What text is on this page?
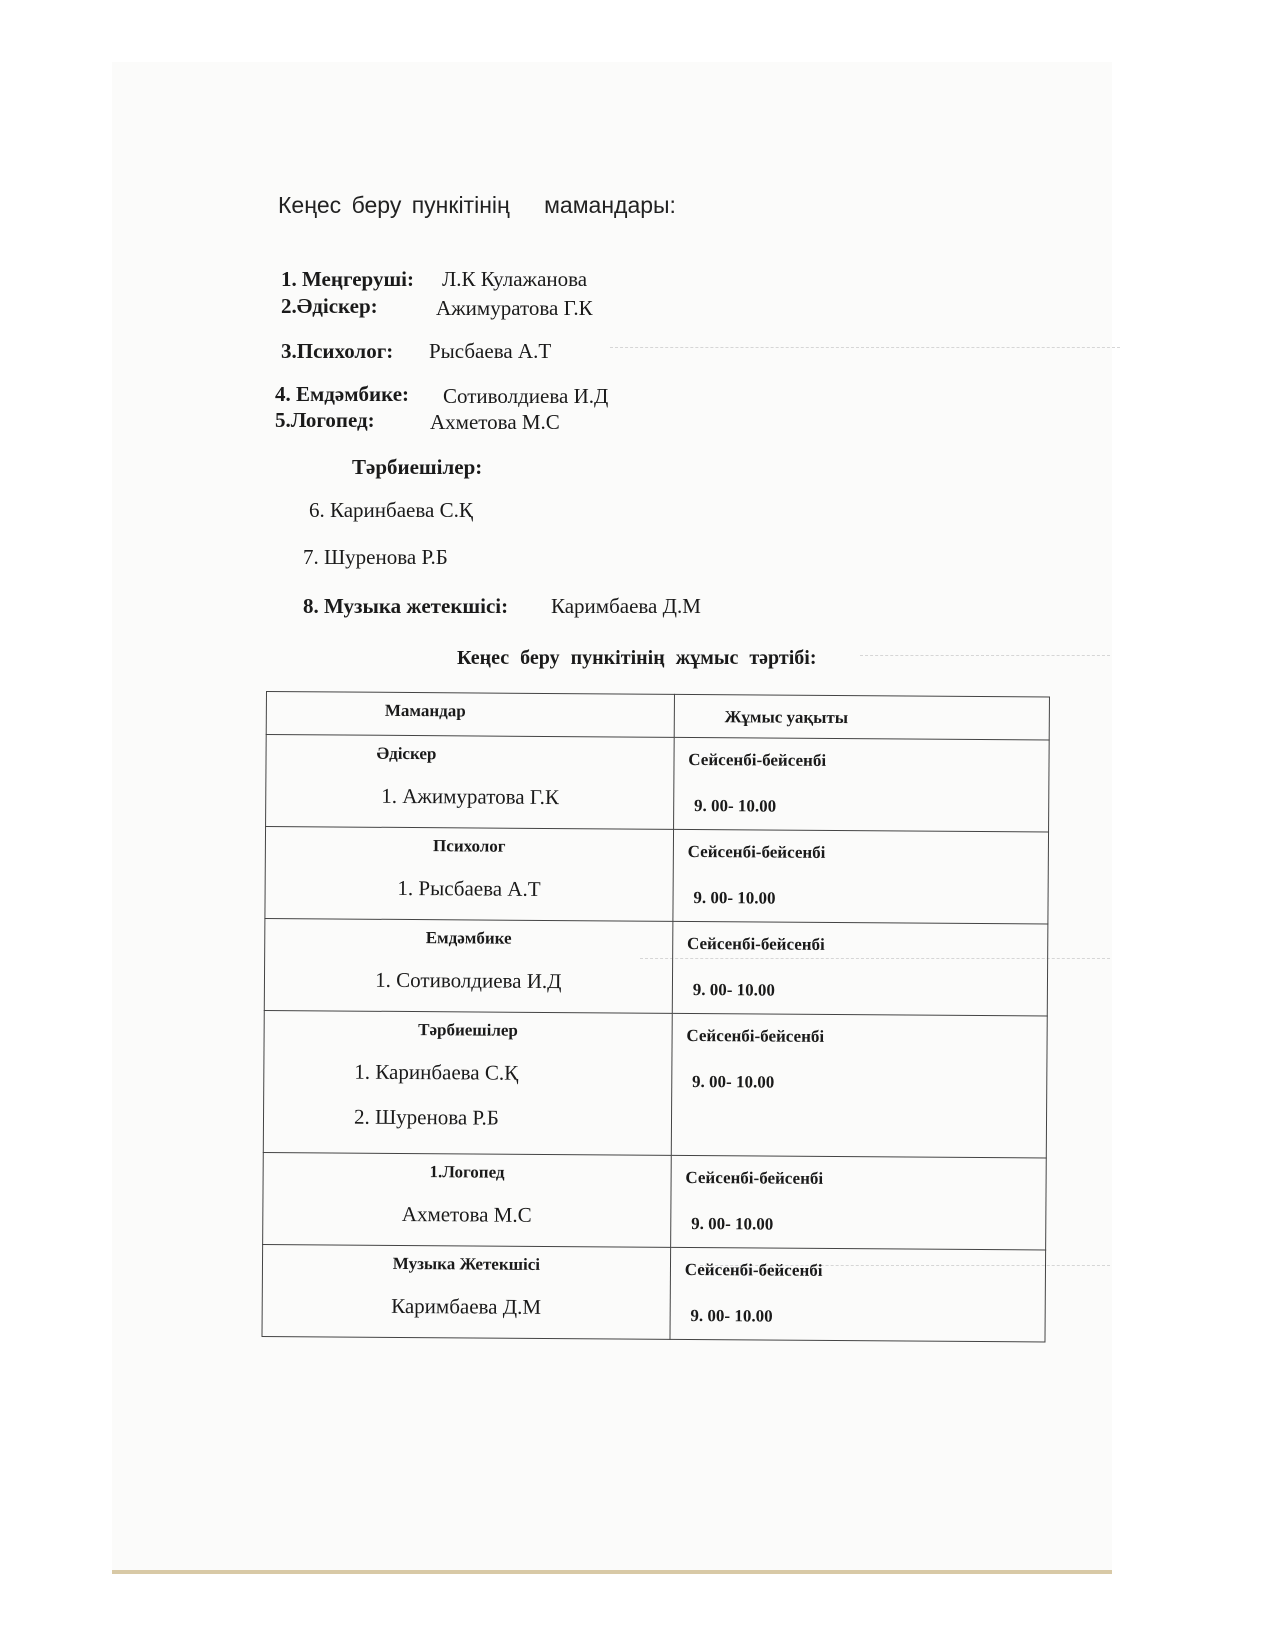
Кеңес беру пункітінің мамандары:
1. Меңгеруші: Л.К Кулажанова
2.Әдіскер:	Ажимуратова Г.К
3.Психолог: Рысбаева А.Т
4. Емдәмбике: Сотиволдиева И.Д
5.Логопед:	Ахметова М.С
Тәрбиешілер:
6. Каринбаева С.Қ
7. Шуренова Р.Б
8. Музыка жетекшісі: Каримбаева Д.М
Кеңес беру пункітінің жұмыс тәртібі:
Мамандар	Жұмыс уақыты

Әдіскер
1. Ажимуратова Г.К	Сейсенбі-бейсенбі
9. 00- 10.00

Психолог
1. Рысбаева А.Т	Сейсенбі-бейсенбі
9. 00- 10.00

Емдәмбике
1. Сотиволдиева И.Д	Сейсенбі-бейсенбі
9. 00- 10.00

Тәрбиешілер
1. Каринбаева С.Қ
2. Шуренова Р.Б	Сейсенбі-бейсенбі
9. 00- 10.00

1.Логопед
Ахметова М.С	Сейсенбі-бейсенбі
9. 00- 10.00

Музыка Жетекшісі
Каримбаева Д.М	Сейсенбі-бейсенбі
9. 00- 10.00
